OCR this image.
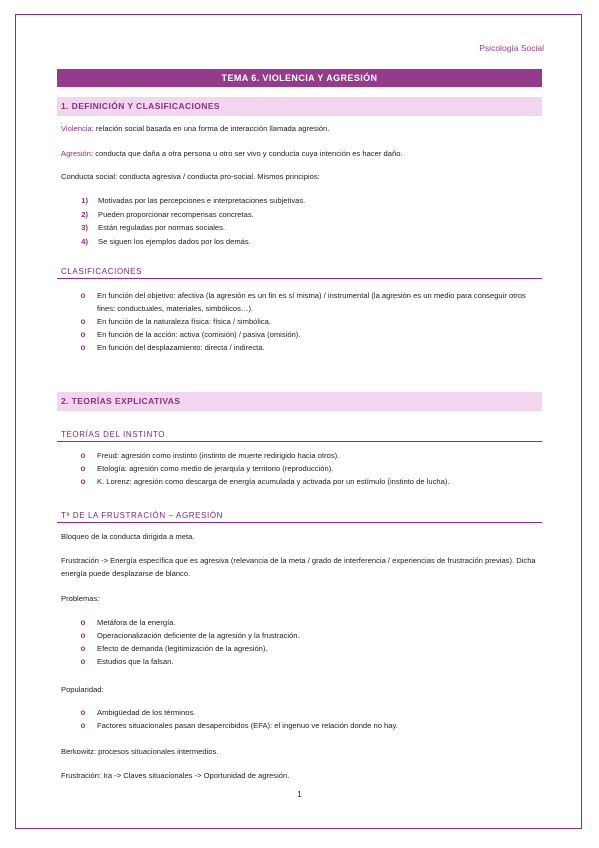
Psicología Social
TEMA 6. VIOLENCIA Y AGRESIÓN
1. DEFINICIÓN Y CLASIFICACIONES
Violencia: relación social basada en una forma de interacción llamada agresión.
Agresión: conducta que daña a otra persona u otro ser vivo y conducta cuya intención es hacer daño.
Conducta social: conducta agresiva / conducta pro-social. Mismos principios:
1)	Motivadas por las percepciones e interpretaciones subjetivas.
2)	Pueden proporcionar recompensas concretas.
3)	Están reguladas por normas sociales.
4)	Se siguen los ejemplos dados por los demás.
CLASIFICACIONES
o	En función del objetivo: afectiva (la agresión es un fin es sí misma) / instrumental (la agresión es un medio para conseguir otros fines: conductuales, materiales, simbólicos…).
o	En función de la naturaleza física: física / simbólica.
o	En función de la acción: activa (comisión) / pasiva (omisión).
o	En función del desplazamiento: directa / indirecta.
2. TEORÍAS EXPLICATIVAS
TEORÍAS DEL INSTINTO
o	Freud: agresión como instinto (instinto de muerte redirigido hacia otros).
o	Etología: agresión como medio de jerarquía y territorio (reproducción).
o	K. Lorenz: agresión como descarga de energía acumulada y activada por un estímulo (instinto de lucha).
Tª DE LA FRUSTRACIÓN – AGRESIÓN
Bloqueo de la conducta dirigida a meta.
Frustración -> Energía específica que es agresiva (relevancia de la meta / grado de interferencia / experiencias de frustración previas). Dicha energía puede desplazarse de blanco.
Problemas:
o	Metáfora de la energía.
o	Operacionalización deficiente de la agresión y la frustración.
o	Efecto de demanda (legitimización de la agresión).
o	Estudios que la falsan.
Popularidad:
o	Ambigüedad de los términos.
o	Factores situacionales pasan desapercibidos (EFA): el ingenuo ve relación donde no hay.
Berkowitz: procesos situacionales intermedios.
Frustración: Ira -> Claves situacionales -> Oportunidad de agresión.
1
